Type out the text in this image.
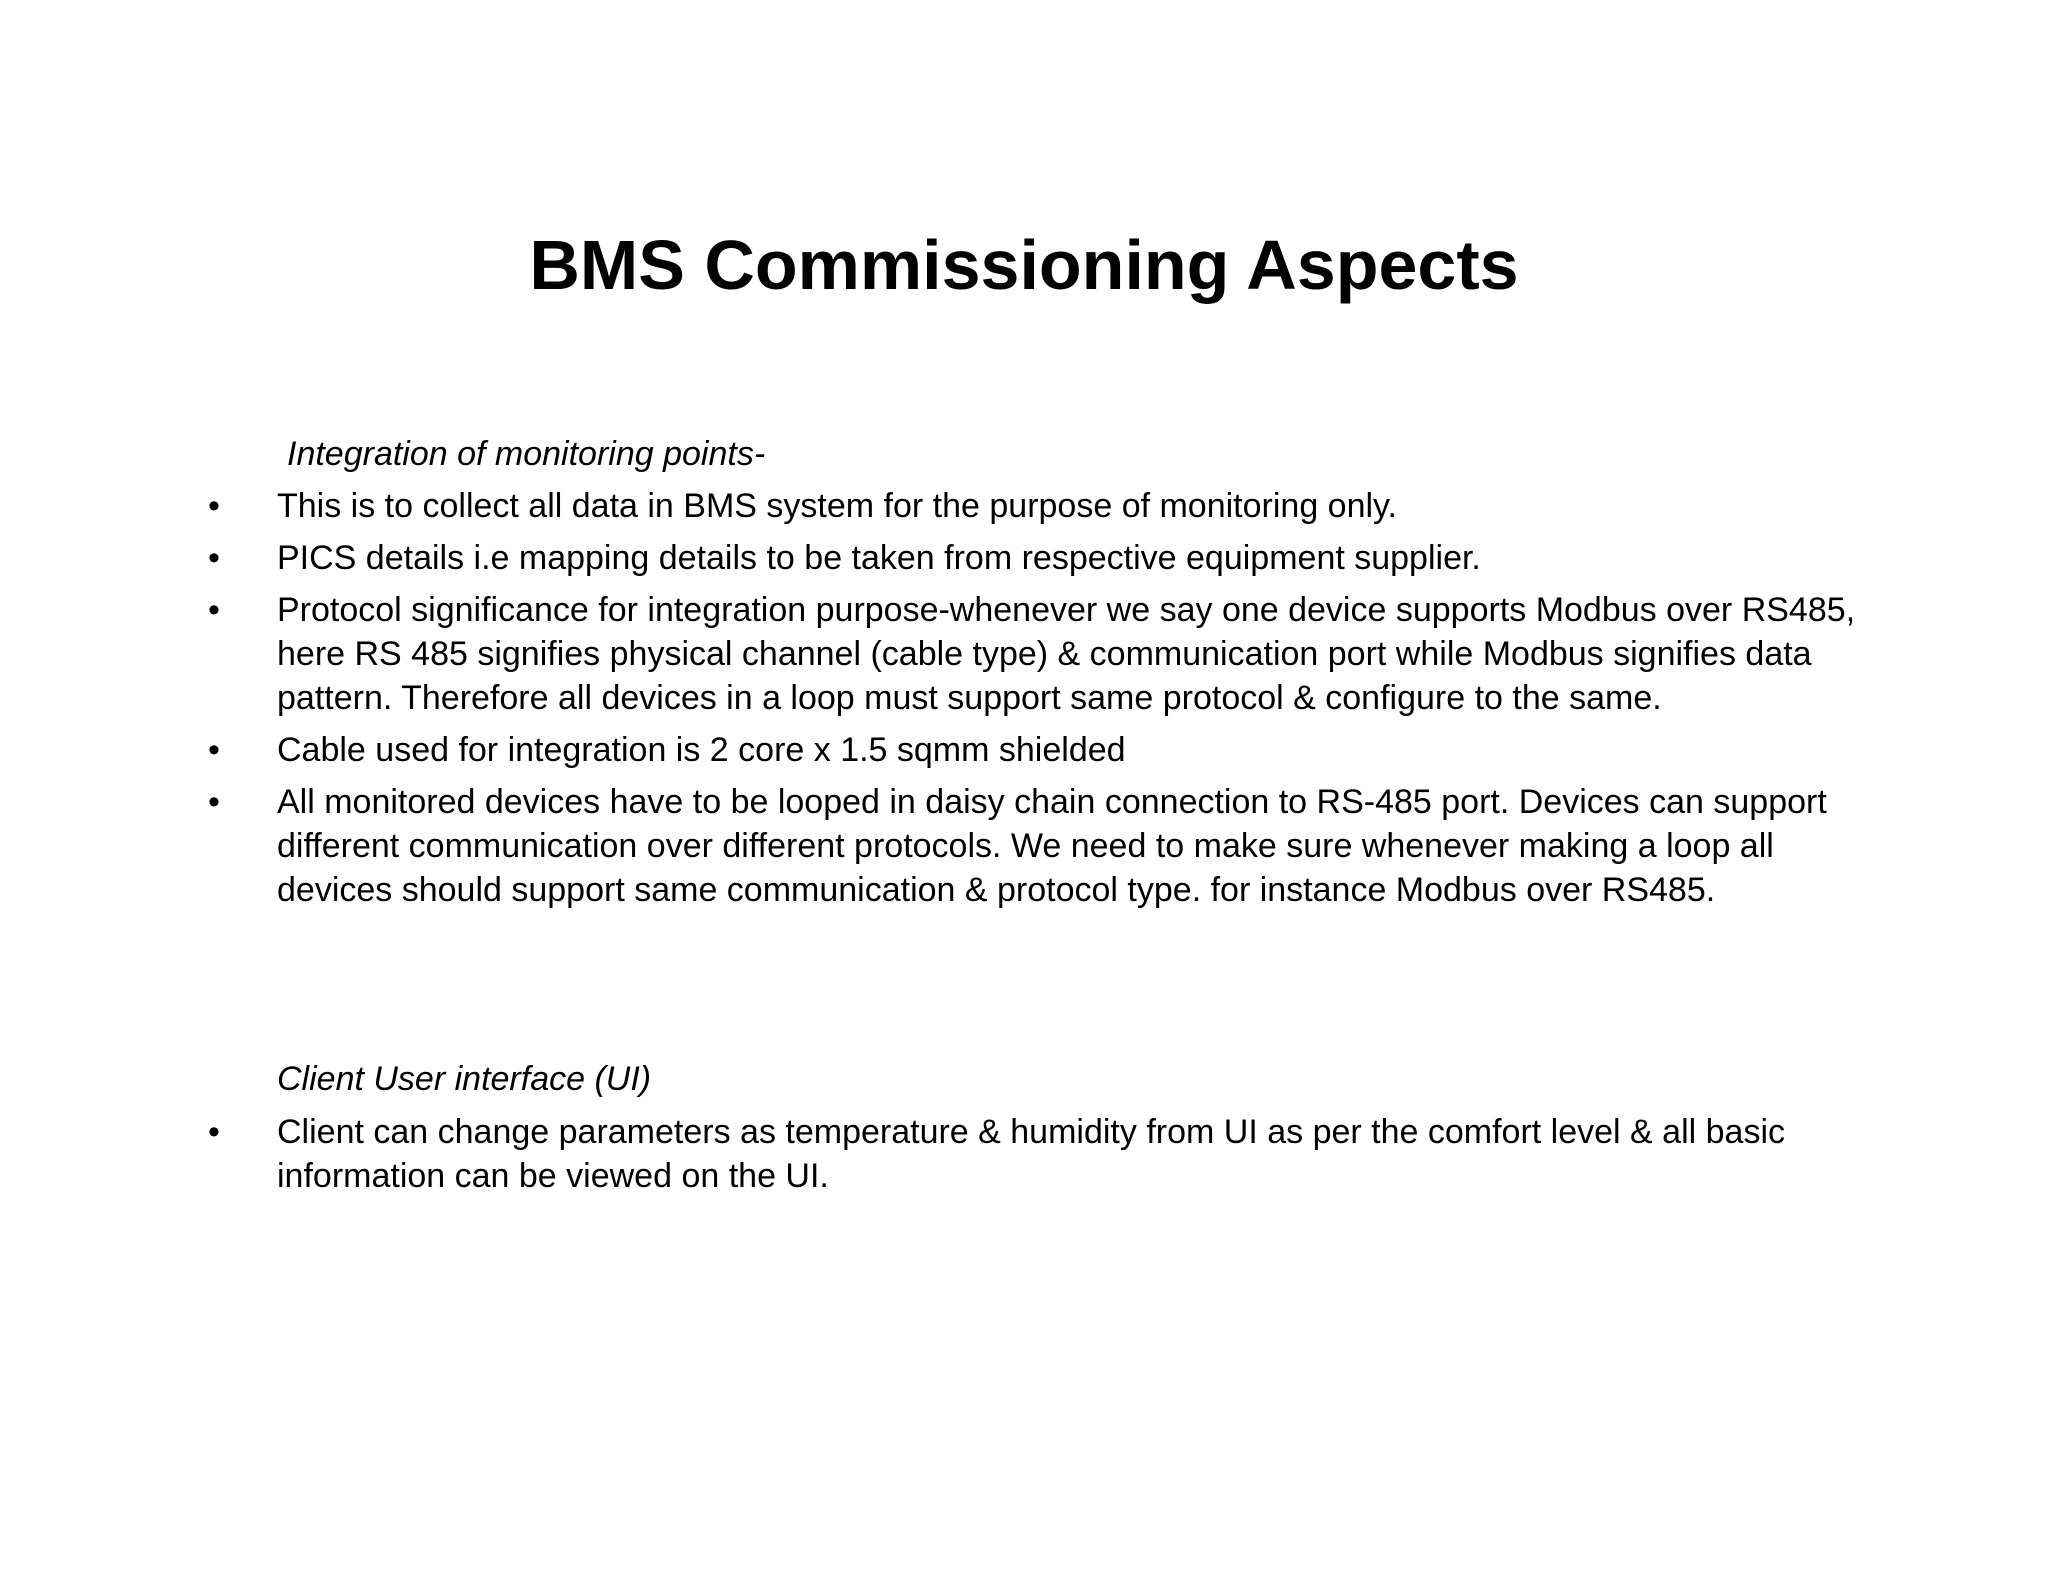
BMS Commissioning Aspects

Integration of monitoring points-

• This is to collect all data in BMS system for the purpose of monitoring only.
• PICS details i.e mapping details to be taken from respective equipment supplier.
• Protocol significance for integration purpose-whenever we say one device supports Modbus over RS485, here RS 485 signifies physical channel (cable type) & communication port while Modbus signifies data pattern. Therefore all devices in a loop must support same protocol & configure to the same.
• Cable used for integration is 2 core x 1.5 sqmm shielded
• All monitored devices have to be looped in daisy chain connection to RS-485 port. Devices can support different communication over different protocols. We need to make sure whenever making a loop all devices should support same communication & protocol type. for instance Modbus over RS485.

Client User interface (UI)

• Client can change parameters as temperature & humidity from UI as per the comfort level & all basic information can be viewed on the UI.
